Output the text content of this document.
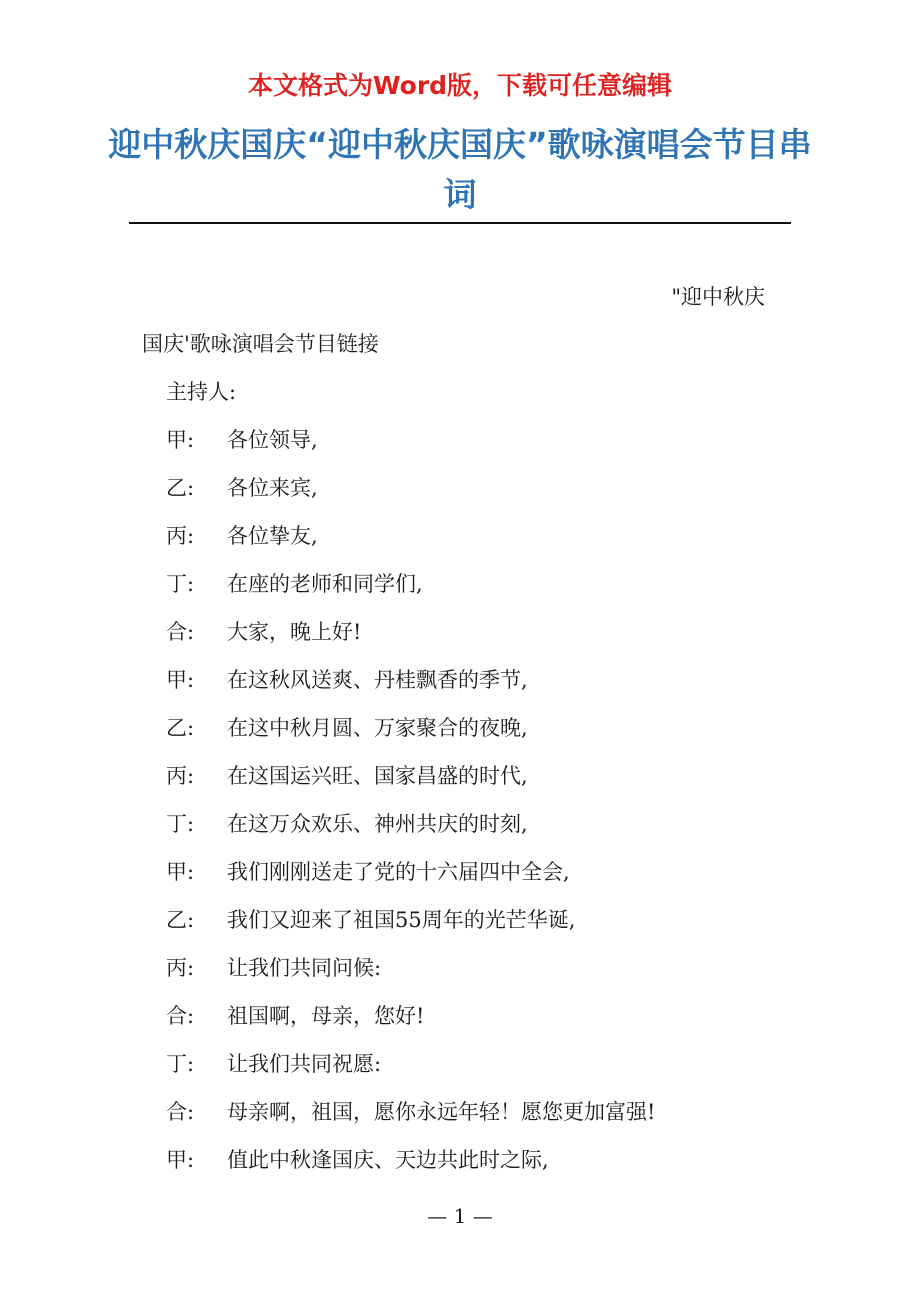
本文格式为Word版，下载可任意编辑
迎中秋庆国庆“迎中秋庆国庆”歌咏演唱会节目串词
"迎中秋庆
国庆'歌咏演唱会节目链接
主持人:
甲: 各位领导,
乙: 各位来宾,
丙: 各位挚友,
丁: 在座的老师和同学们,
合: 大家，晚上好!
甲: 在这秋风送爽、丹桂飘香的季节,
乙: 在这中秋月圆、万家聚合的夜晚,
丙: 在这国运兴旺、国家昌盛的时代,
丁: 在这万众欢乐、神州共庆的时刻,
甲: 我们刚刚送走了党的十六届四中全会,
乙: 我们又迎来了祖国55周年的光芒华诞,
丙: 让我们共同问候:
合: 祖国啊，母亲，您好!
丁: 让我们共同祝愿:
合: 母亲啊，祖国，愿你永远年轻！愿您更加富强!
甲: 值此中秋逢国庆、天边共此时之际,
— 1 —
